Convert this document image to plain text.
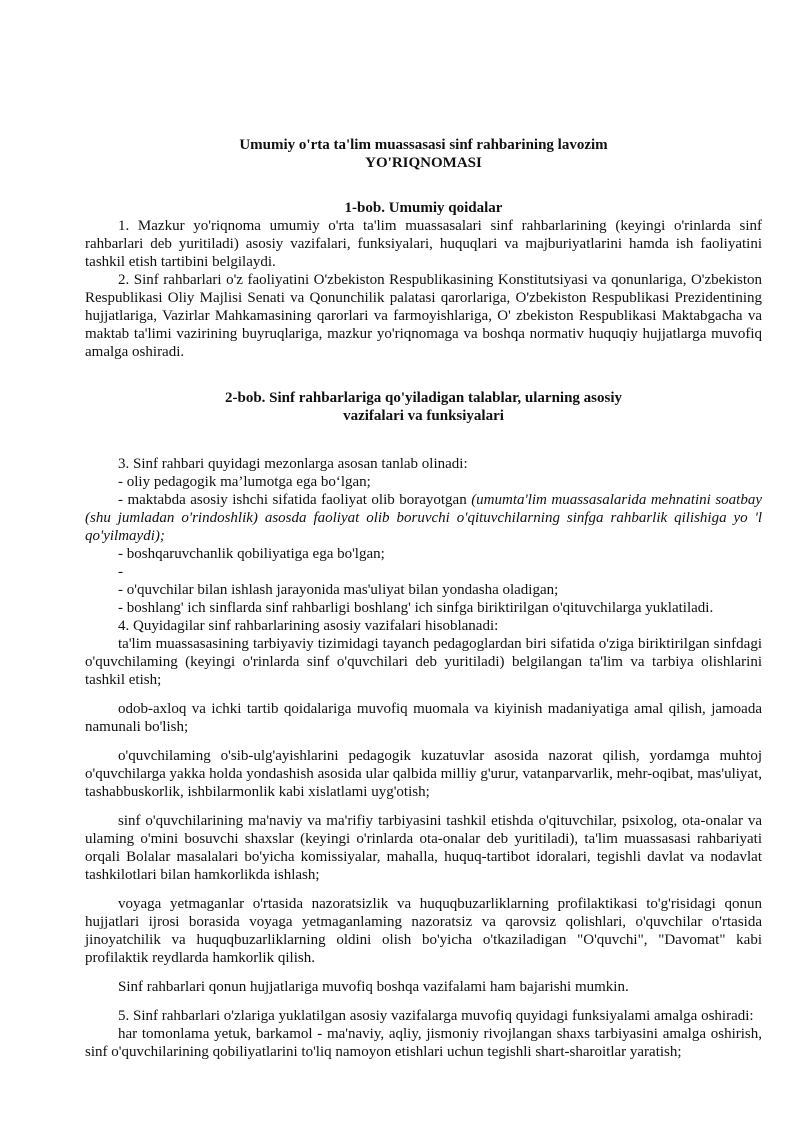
Umumiy o'rta ta'lim muassasasi sinf rahbarining lavozim
YO'RIQNOMASI
1-bob. Umumiy qoidalar

1. Mazkur yo'riqnoma umumiy o'rta ta'lim muassasalari sinf rahbarlarining (keyingi o'rinlarda sinf rahbarlari deb yuritiladi) asosiy vazifalari, funksiyalari, huquqlari va majburiyatlarini hamda ish faoliyatini tashkil etish tartibini belgilaydi.

2. Sinf rahbarlari o'z faoliyatini O'zbekiston Respublikasining Konstitutsiyasi va qonunlariga, O'zbekiston Respublikasi Oliy Majlisi Senati va Qonunchilik palatasi qarorlariga, O'zbekiston Respublikasi Prezidentining hujjatlariga, Vazirlar Mahkamasining qarorlari va farmoyishlariga, O' zbekiston Respublikasi Maktabgacha va maktab ta'limi vazirining buyruqlariga, mazkur yo'riqnomaga va boshqa normativ huquqiy hujjatlarga muvofiq amalga oshiradi.

2-bob. Sinf rahbarlariga qo'yiladigan talablar, ularning asosiy
vazifalari va funksiyalari

3. Sinf rahbari quyidagi mezonlarga asosan tanlab olinadi:

- oliy pedagogik ma’lumotga ega bo‘lgan;

- maktabda asosiy ishchi sifatida faoliyat olib borayotgan (umumta'lim muassasalarida mehnatini soatbay (shu jumladan o'rindoshlik) asosda faoliyat olib boruvchi o'qituvchilarning sinfga rahbarlik qilishiga yo 'l qo'yilmaydi);

- boshqaruvchanlik qobiliyatiga ega bo'lgan;

-

- o'quvchilar bilan ishlash jarayonida mas'uliyat bilan yondasha oladigan;

- boshlang' ich sinflarda sinf rahbarligi boshlang' ich sinfga biriktirilgan o'qituvchilarga yuklatiladi.

4. Quyidagilar sinf rahbarlarining asosiy vazifalari hisoblanadi:

ta'lim muassasasining tarbiyaviy tizimidagi tayanch pedagoglardan biri sifatida o'ziga biriktirilgan sinfdagi o'quvchilaming (keyingi o'rinlarda sinf o'quvchilari deb yuritiladi) belgilangan ta'lim va tarbiya olishlarini tashkil etish;

odob-axloq va ichki tartib qoidalariga muvofiq muomala va kiyinish madaniyatiga amal qilish, jamoada namunali bo'lish;

o'quvchilaming o'sib-ulg'ayishlarini pedagogik kuzatuvlar asosida nazorat qilish, yordamga muhtoj o'quvchilarga yakka holda yondashish asosida ular qalbida milliy g'urur, vatanparvarlik, mehr-oqibat, mas'uliyat, tashabbuskorlik, ishbilarmonlik kabi xislatlami uyg'otish;

sinf o'quvchilarining ma'naviy va ma'rifiy tarbiyasini tashkil etishda o'qituvchilar, psixolog, ota-onalar va ulaming o'mini bosuvchi shaxslar (keyingi o'rinlarda ota-onalar deb yuritiladi), ta'lim muassasasi rahbariyati orqali Bolalar masalalari bo'yicha komissiyalar, mahalla, huquq-tartibot idoralari, tegishli davlat va nodavlat tashkilotlari bilan hamkorlikda ishlash;

voyaga yetmaganlar o'rtasida nazoratsizlik va huquqbuzarliklarning profilaktikasi to'g'risidagi qonun hujjatlari ijrosi borasida voyaga yetmaganlaming nazoratsiz va qarovsiz qolishlari, o'quvchilar o'rtasida jinoyatchilik va huquqbuzarliklarning oldini olish bo'yicha o'tkaziladigan "O'quvchi", "Davomat" kabi profilaktik reydlarda hamkorlik qilish.

Sinf rahbarlari qonun hujjatlariga muvofiq boshqa vazifalami ham bajarishi mumkin.

5. Sinf rahbarlari o'zlariga yuklatilgan asosiy vazifalarga muvofiq quyidagi funksiyalami amalga oshiradi:

har tomonlama yetuk, barkamol - ma'naviy, aqliy, jismoniy rivojlangan shaxs tarbiyasini amalga oshirish, sinf o'quvchilarining qobiliyatlarini to'liq namoyon etishlari uchun tegishli shart-sharoitlar yaratish;
